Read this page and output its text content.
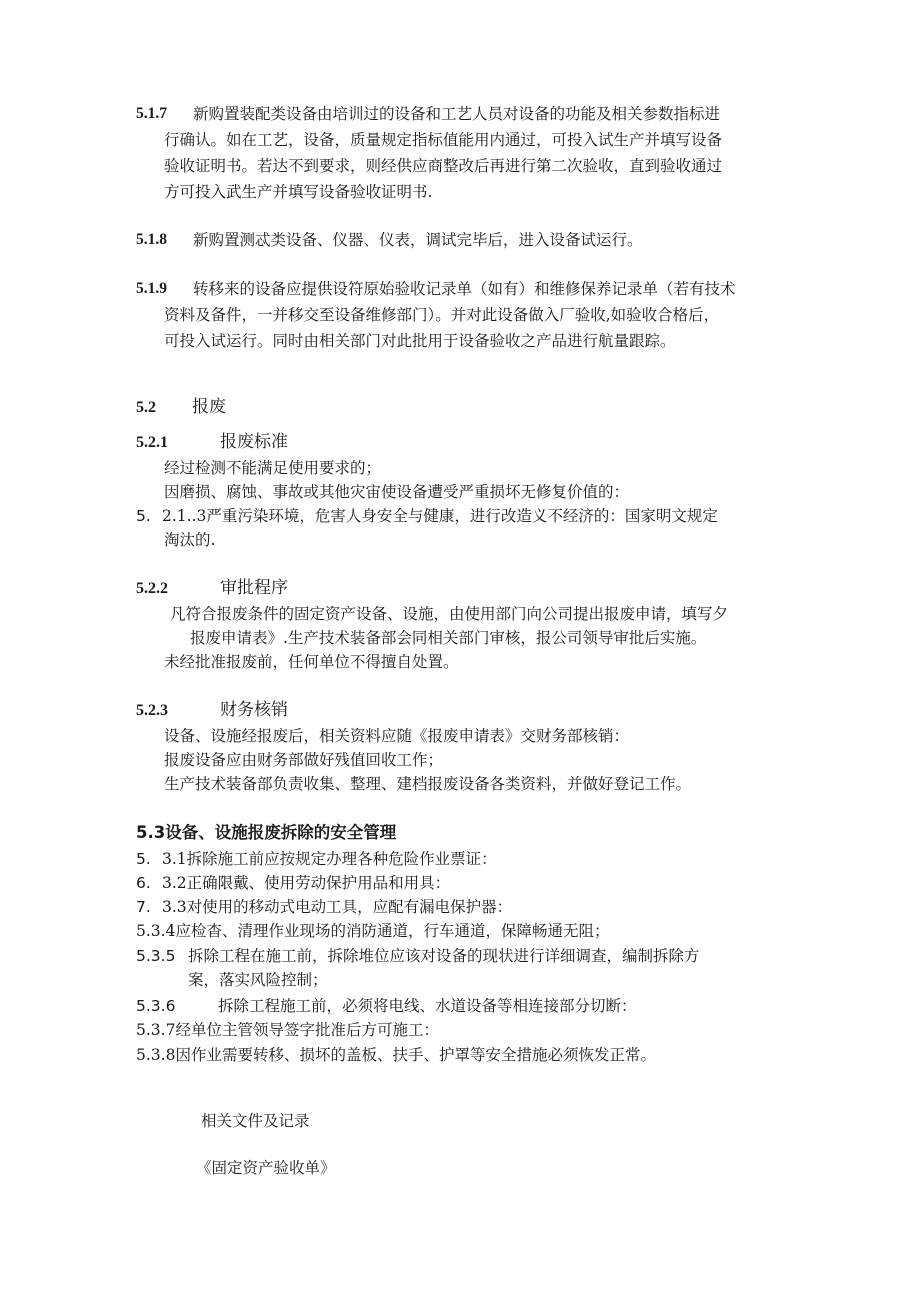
5.1.7 新购置装配类设备由培训过的设备和工艺人员对设备的功能及相关参数指标进
行确认。如在工艺，设备，质量规定指标值能用内通过，可投入试生产并填写设备
验收证明书。若达不到要求，则经供应商整改后再进行第二次验收，直到验收通过
方可投入武生产并填写设备验收证明书.
5.1.8 新购置测忒类设备、仪器、仪表，调试完毕后，进入设备试运行。
5.1.9 转移来的设备应提供设符原始验收记录单（如有）和维修保养记录单（若有技术
资料及备件，一并移交至设备维修部门）。并对此设备做入厂验收,如验收合格后，
可投入试运行。同时由相关部门对此批用于设备验收之产品进行航量跟踪。
5.2 报废
5.2.1	报废标准
经过检测不能满足使用要求的；
因磨损、腐蚀、事故或其他灾宙使设备遭受严重损坏无修复价值的：
5. 2.1..3严重污染环境，危害人身安全与健康，进行改造义不经济的：国家明文规定
淘汰的.
5.2.2	审批程序
凡符合报废条件的固定资产设备、设施，由使用部门向公司提出报废申请，填写夕
报废申请表》.生产技术装备部会同相关部门审核，报公司领导审批后实施。
未经批准报废前，任何单位不得擅自处置。
5.2.3	财务核销
设备、设施经报废后，相关资料应随《报废申请表》交财务部核销：
报废设备应由财务部做好残值回收工作；
生产技术装备部负责收集、整理、建档报废设备各类资料，并做好登记工作。
5.3设备、设施报废拆除的安全管理
5. 3.1拆除施工前应按规定办理各种危险作业票证：
6. 3.2正确限戴、使用劳动保护用品和用具：
7. 3.3对使用的移动式电动工具，应配有漏电保护器：
5.3.4应检杳、清理作业现场的消防通道，行车通道，保障畅通无阻；
5.3.5 拆除工程在施工前，拆除堆位应该对设备的现状进行详细调查，编制拆除方
案，落实风险控制；
5.3.6	拆除工程施工前，必须将电线、水道设备等相连接部分切断：
5.3.7经单位主管领导签字批准后方可施工：
5.3.8因作业需要转移、损坏的盖板、扶手、护罩等安全措施必须恢发正常。
相关文件及记录
《固定资产验收单》
